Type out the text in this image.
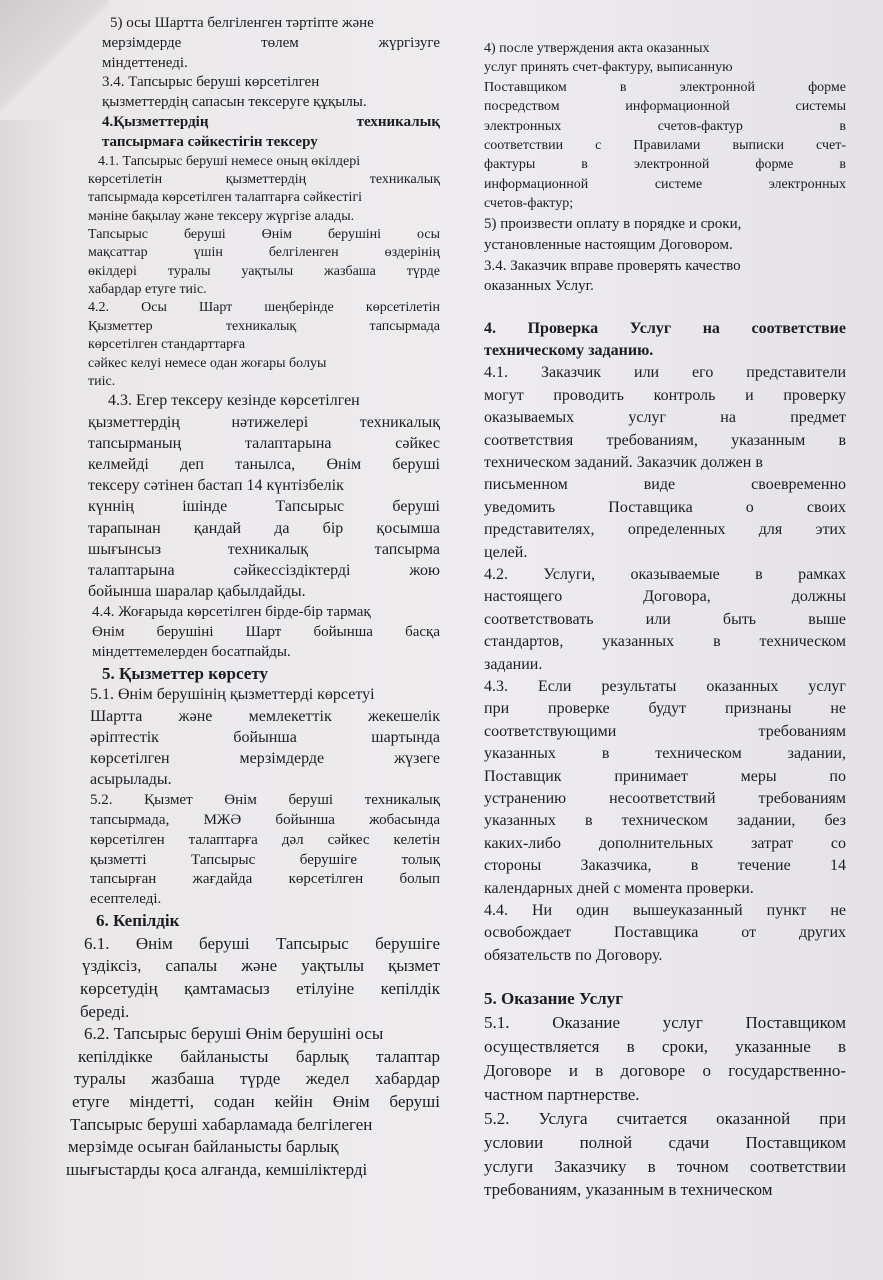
5) осы Шартта белгіленген тәртіпте және
мерзімдерде төлем жүргізуге
міндеттенеді.
3.4. Тапсырыс беруші көрсетілген
қызметтердің сапасын тексеруге құқылы.
4.Қызметтердің техникалық
тапсырмаға сәйкестігін тексеру
4.1. Тапсырыс беруші немесе оның өкілдері
көрсетілетін қызметтердің техникалық
тапсырмада көрсетілген талаптарға сәйкестігі
мәніне бақылау және тексеру жүргізе алады.
Тапсырыс беруші Өнім берушіні осы
мақсаттар үшін белгіленген өздерінің
өкілдері туралы уақтылы жазбаша түрде
хабардар етуге тиіс.
4.2. Осы Шарт шеңберінде көрсетілетін
Қызметтер техникалық тапсырмада
көрсетілген стандарттарға
сәйкес келуі немесе одан жоғары болуы
тиіс.
4.3. Егер тексеру кезінде көрсетілген
қызметтердің нәтижелері техникалық
тапсырманың талаптарына сәйкес
келмейді деп танылса, Өнім беруші
тексеру сәтінен бастап 14 күнтізбелік
күннің ішінде Тапсырыс беруші
тарапынан қандай да бір қосымша
шығынсыз техникалық тапсырма
талаптарына сәйкессіздіктерді жою
бойынша шаралар қабылдайды.
4.4. Жоғарыда көрсетілген бірде-бір тармақ
Өнім берушіні Шарт бойынша басқа
міндеттемелерден босатпайды.
5. Қызметтер көрсету
5.1. Өнім берушінің қызметтерді көрсетуі
Шартта және мемлекеттік жекешелік
әріптестік бойынша шартында
көрсетілген мерзімдерде жүзеге
асырылады.
5.2. Қызмет Өнім беруші техникалық
тапсырмада, МЖӘ бойынша жобасында
көрсетілген талаптарға дәл сәйкес келетін
қызметті Тапсырыс берушіге толық
тапсырған жағдайда көрсетілген болып
есептеледі.
6. Кепілдік
6.1. Өнім беруші Тапсырыс берушіге
үздіксіз, сапалы және уақтылы қызмет
көрсетудің қамтамасыз етілуіне кепілдік
береді.
6.2. Тапсырыс беруші Өнім берушіні осы
кепілдікке байланысты барлық талаптар
туралы жазбаша түрде жедел хабардар
етуге міндетті, содан кейін Өнім беруші
Тапсырыс беруші хабарламада белгілеген
мерзімде осыған байланысты барлық
шығыстарды қоса алғанда, кемшіліктерді
4) после утверждения акта оказанных
услуг принять счет-фактуру, выписанную
Поставщиком в электронной форме
посредством информационной системы
электронных счетов-фактур в
соответствии с Правилами выписки счет-
фактуры в электронной форме в
информационной системе электронных
счетов-фактур;
5) произвести оплату в порядке и сроки,
установленные настоящим Договором.
3.4. Заказчик вправе проверять качество
оказанных Услуг.
4. Проверка Услуг на соответствие
техническому заданию.
4.1. Заказчик или его представители
могут проводить контроль и проверку
оказываемых услуг на предмет
соответствия требованиям, указанным в
техническом заданий. Заказчик должен в
письменном виде своевременно
уведомить Поставщика о своих
представителях, определенных для этих
целей.
4.2. Услуги, оказываемые в рамках
настоящего Договора, должны
соответствовать или быть выше
стандартов, указанных в техническом
задании.
4.3. Если результаты оказанных услуг
при проверке будут признаны не
соответствующими требованиям
указанных в техническом задании,
Поставщик принимает меры по
устранению несоответствий требованиям
указанных в техническом задании, без
каких-либо дополнительных затрат со
стороны Заказчика, в течение 14
календарных дней с момента проверки.
4.4. Ни один вышеуказанный пункт не
освобождает Поставщика от других
обязательств по Договору.
5. Оказание Услуг
5.1. Оказание услуг Поставщиком
осуществляется в сроки, указанные в
Договоре и в договоре о государственно-
частном партнерстве.
5.2. Услуга считается оказанной при
условии полной сдачи Поставщиком
услуги Заказчику в точном соответствии
требованиям, указанным в техническом
